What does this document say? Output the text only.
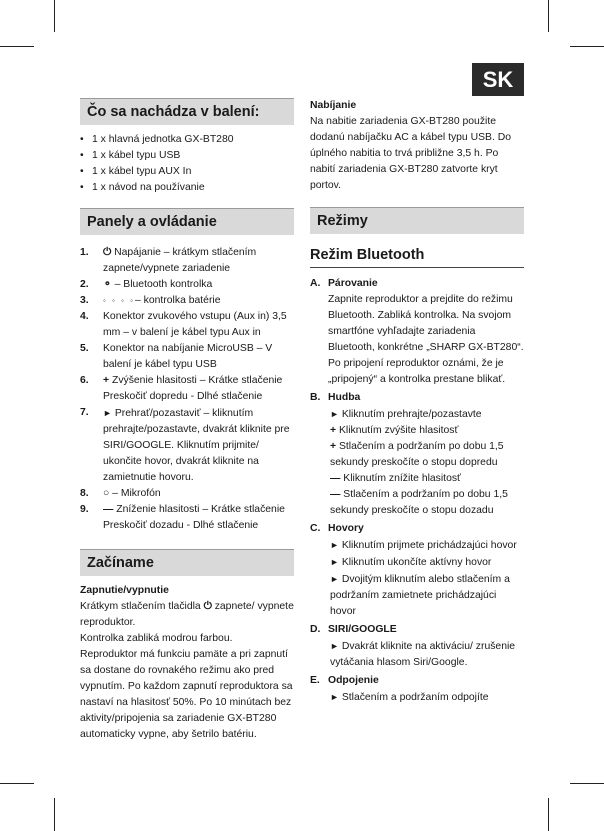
SK
Čo sa nachádza v balení:
• 1 x hlavná jednotka GX-BT280
• 1 x kábel typu USB
• 1 x kábel typu AUX In
• 1 x návod na používanie
Panely a ovládanie
1. ⏻ Napájanie – krátkym stlačením zapnete/vypnete zariadenie
2. ⚬ – Bluetooth kontrolka
3. ◦ ◦ ◦ ◦– kontrolka batérie
4. Konektor zvukového vstupu (Aux in) 3,5 mm – v balení je kábel typu Aux in
5. Konektor na nabíjanie MicroUSB – V balení je kábel typu USB
6. + Zvýšenie hlasitosti – Krátke stlačenie
Preskočiť dopredu - Dlhé stlačenie
7. ► Prehrať/pozastaviť – kliknutím prehrajte/pozastavte, dvakrát kliknite pre SIRI/GOOGLE. Kliknutím prijmite/ ukončite hovor, dvakrát kliknite na zamietnutie hovoru.
8. ○ – Mikrofón
9. — Zníženie hlasitosti – Krátke stlačenie
Preskočiť dozadu - Dlhé stlačenie
Začíname
Zapnutie/vypnutie

Krátkym stlačením tlačidla ⏻ zapnete/ vypnete reproduktor.

Kontrolka zabliká modrou farbou.

Reproduktor má funkciu pamäte a pri zapnutí sa dostane do rovnakého režimu ako pred vypnutím. Po každom zapnutí reproduktora sa nastaví na hlasitosť 50%. Po 10 minútach bez aktivity/pripojenia sa zariadenie GX-BT280 automaticky vypne, aby šetrilo batériu.

Nabíjanie

Na nabitie zariadenia GX-BT280 použite dodanú nabíjačku AC a kábel typu USB. Do úplného nabitia to trvá približne 3,5 h. Po nabití zariadenia GX-BT280 zatvorte kryt portov.

Režimy
Režim Bluetooth
A. Párovanie
Zapnite reproduktor a prejdite do režimu Bluetooth. Zabliká kontrolka. Na svojom smartfóne vyhľadajte zariadenia Bluetooth, konkrétne „SHARP GX-BT280“. Po pripojení reproduktor oznámi, že je „pripojený“ a kontrolka prestane blikať.
B. Hudba
► Kliknutím prehrajte/pozastavte
+ Kliknutím zvýšite hlasitosť
+ Stlačením a podržaním po dobu 1,5 sekundy preskočíte o stopu dopredu
— Kliknutím znížite hlasitosť
— Stlačením a podržaním po dobu 1,5 sekundy preskočíte o stopu dozadu
C. Hovory
► Kliknutím prijmete prichádzajúci hovor
► Kliknutím ukončíte aktívny hovor
► Dvojitým kliknutím alebo stlačením a podržaním zamietnete prichádzajúci hovor
D. SIRI/GOOGLE
► Dvakrát kliknite na aktiváciu/ zrušenie vytáčania hlasom Siri/Google.
E. Odpojenie
► Stlačením a podržaním odpojíte
